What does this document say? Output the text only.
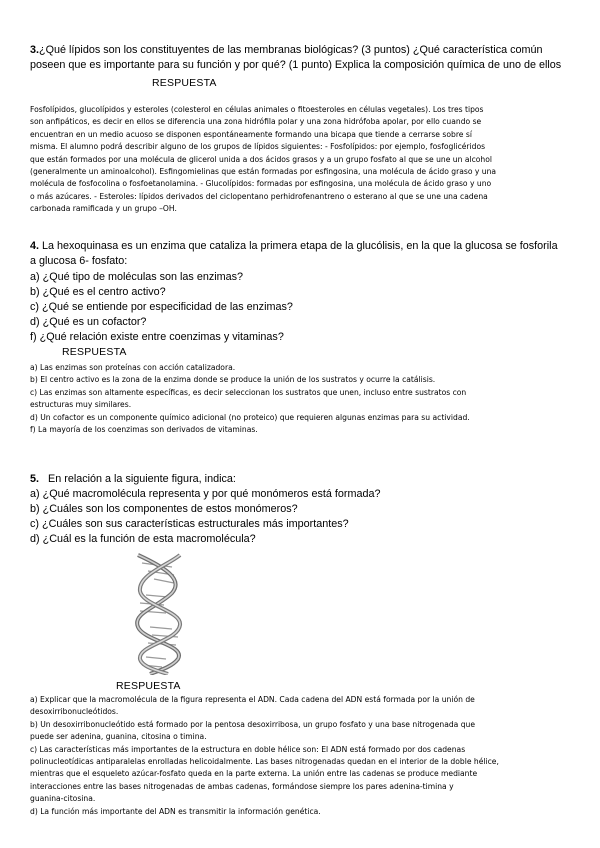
3.¿Qué lípidos son los constituyentes de las membranas biológicas? (3 puntos) ¿Qué característica común
poseen que es importante para su función y por qué? (1 punto) Explica la composición química de uno de ellos
RESPUESTA
Fosfolípidos, glucolípidos y esteroles (colesterol en células animales o fitoesteroles en células vegetales). Los tres tipos
son anfipáticos, es decir en ellos se diferencia una zona hidrófila polar y una zona hidrófoba apolar, por ello cuando se
encuentran en un medio acuoso se disponen espontáneamente formando una bicapa que tiende a cerrarse sobre sí
misma. El alumno podrá describir alguno de los grupos de lípidos siguientes: - Fosfolípidos: por ejemplo, fosfoglicéridos
que están formados por una molécula de glicerol unida a dos ácidos grasos y a un grupo fosfato al que se une un alcohol
(generalmente un aminoalcohol). Esfingomielinas que están formadas por esfingosina, una molécula de ácido graso y una
molécula de fosfocolina o fosfoetanolamina. - Glucolípidos: formadas por esfingosina, una molécula de ácido graso y uno
o más azúcares. - Esteroles: lípidos derivados del ciclopentano perhidrofenantreno o esterano al que se une una cadena
carbonada ramificada y un grupo –OH.
4. La hexoquinasa es un enzima que cataliza la primera etapa de la glucólisis, en la que la glucosa se fosforila
a glucosa 6- fosfato:
a) ¿Qué tipo de moléculas son las enzimas?
b) ¿Qué es el centro activo?
c) ¿Qué se entiende por especificidad de las enzimas?
d) ¿Qué es un cofactor?
f) ¿Qué relación existe entre coenzimas y vitaminas?
RESPUESTA
a) Las enzimas son proteínas con acción catalizadora.
b) El centro activo es la zona de la enzima donde se produce la unión de los sustratos y ocurre la catálisis.
c) Las enzimas son altamente específicas, es decir seleccionan los sustratos que unen, incluso entre sustratos con
estructuras muy similares.
d) Un cofactor es un componente químico adicional (no proteico) que requieren algunas enzimas para su actividad.
f) La mayoría de los coenzimas son derivados de vitaminas.
5. En relación a la siguiente figura, indica:
a) ¿Qué macromolécula representa y por qué monómeros está formada?
b) ¿Cuáles son los componentes de estos monómeros?
c) ¿Cuáles son sus características estructurales más importantes?
d) ¿Cuál es la función de esta macromolécula?
RESPUESTA
a) Explicar que la macromolécula de la figura representa el ADN. Cada cadena del ADN está formada por la unión de
desoxirribonucleótidos.
b) Un desoxirribonucleótido está formado por la pentosa desoxirribosa, un grupo fosfato y una base nitrogenada que
puede ser adenina, guanina, citosina o timina.
c) Las características más importantes de la estructura en doble hélice son: El ADN está formado por dos cadenas
polinucleotídicas antiparalelas enrolladas helicoidalmente. Las bases nitrogenadas quedan en el interior de la doble hélice,
mientras que el esqueleto azúcar-fosfato queda en la parte externa. La unión entre las cadenas se produce mediante
interacciones entre las bases nitrogenadas de ambas cadenas, formándose siempre los pares adenina-timina y
guanina-citosina.
d) La función más importante del ADN es transmitir la información genética.
